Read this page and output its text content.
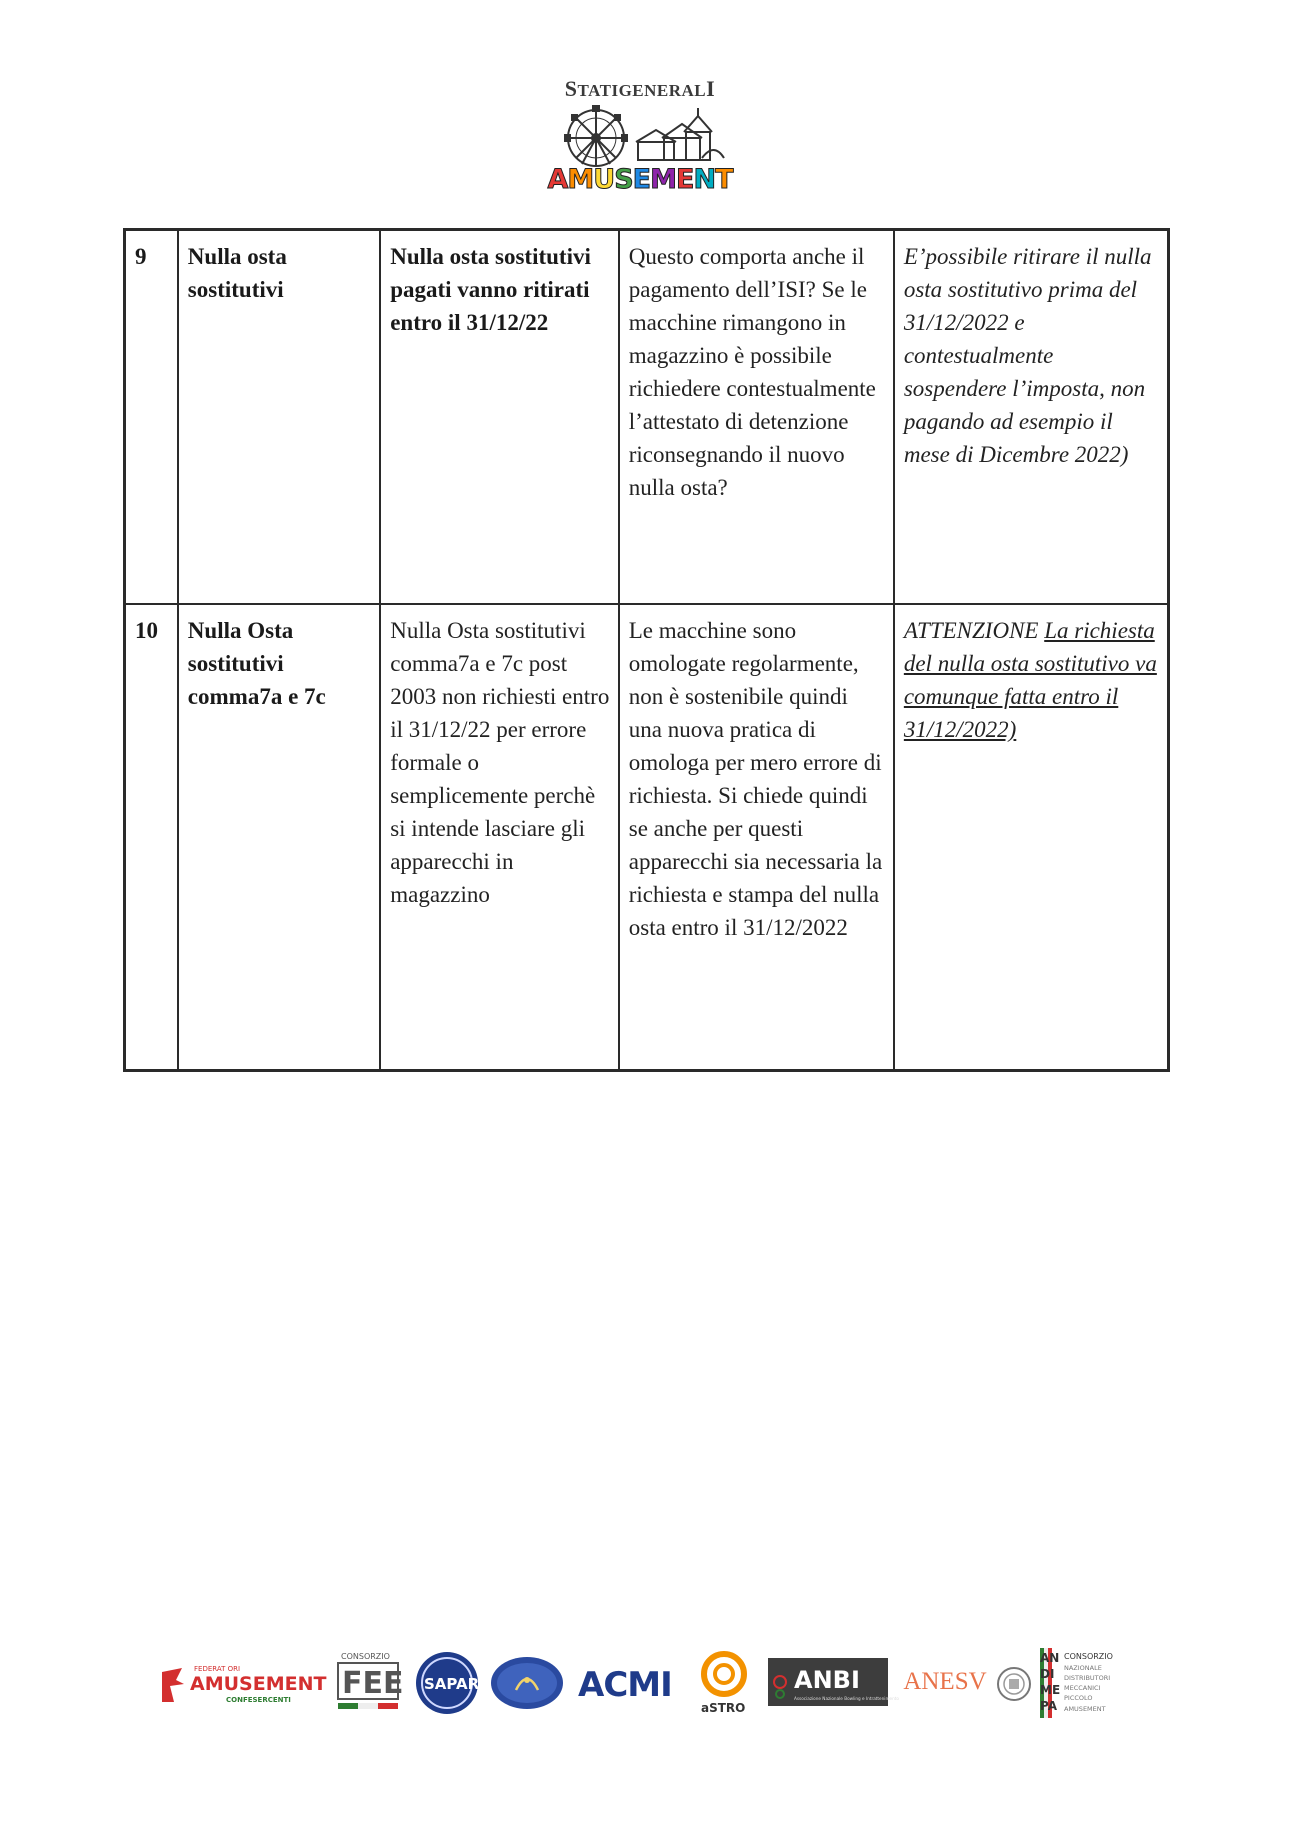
STATIGENERALI
AMUSEMENT
9	Nulla osta sostitutivi	Nulla osta sostitutivi pagati vanno ritirati entro il 31/12/22	Questo comporta anche il pagamento dell’ISI? Se le macchine rimangono in magazzino è possibile richiedere contestualmente l’attestato di detenzione riconsegnando il nuovo nulla osta?	E’possibile ritirare il nulla osta sostitutivo prima del 31/12/2022 e contestualmente sospendere l’imposta, non pagando ad esempio il mese di Dicembre 2022)
10	Nulla Osta sostitutivi comma7a e 7c	Nulla Osta sostitutivi comma7a e 7c post 2003 non richiesti entro il 31/12/22 per errore formale o semplicemente perchè si intende lasciare gli apparecchi in magazzino	Le macchine sono omologate regolarmente, non è sostenibile quindi una nuova pratica di omologa per mero errore di richiesta. Si chiede quindi se anche per questi apparecchi sia necessaria la richiesta e stampa del nulla osta entro il 31/12/2022	ATTENZIONE La richiesta del nulla osta sostitutivo va comunque fatta entro il 31/12/2022)
FEDERAT ORI
AMUSEMENT
CONFESERCENTI
CONSORZIO
FEE SAPAR	ACMI
aSTRO
ANBI
Associazione Nazionale Bowling e Intrattenimento
ANESV
AN
DI
ME
PA
CONSORZIO
NAZIONALE
DISTRIBUTORI
MECCANICI
PICCOLO
AMUSEMENT
